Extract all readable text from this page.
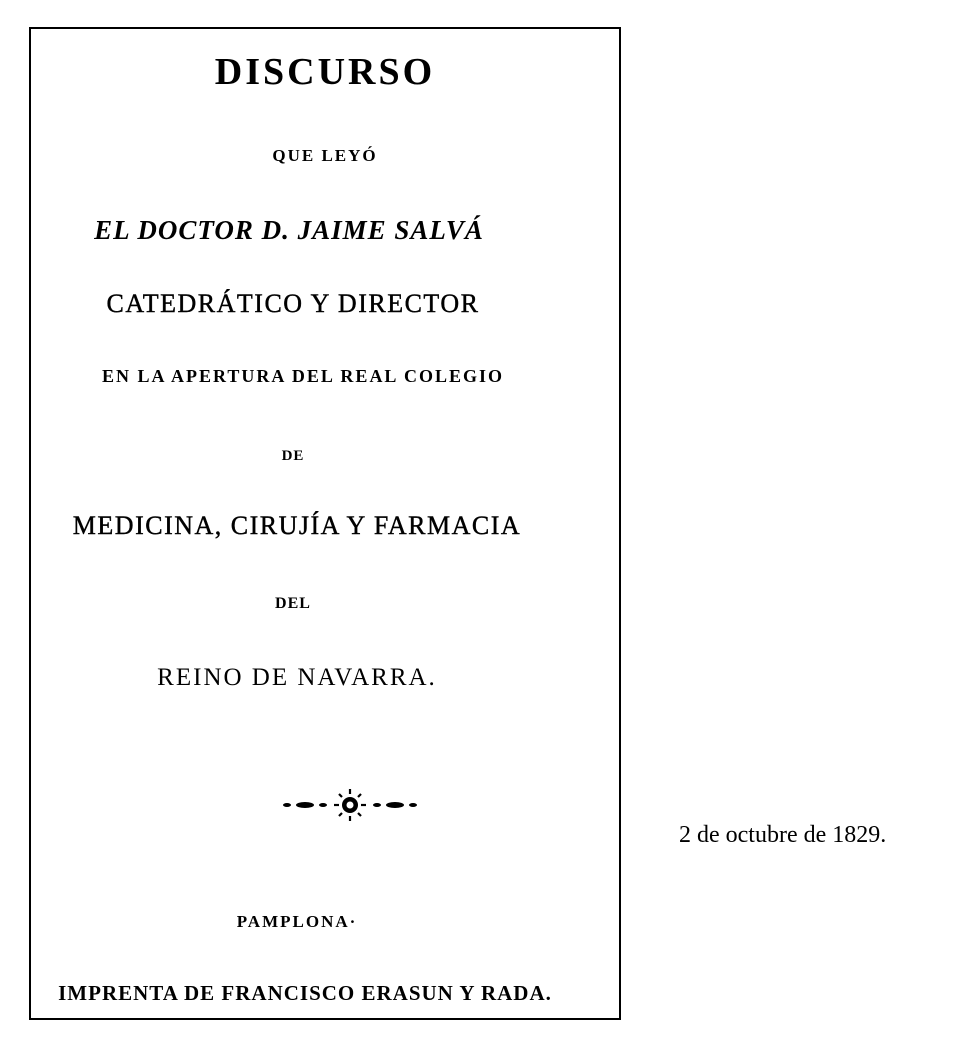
DISCURSO
QUE LEYÓ
EL DOCTOR D. JAIME SALVÁ
CATEDRÁTICO Y DIRECTOR
EN LA APERTURA DEL REAL COLEGIO
DE
MEDICINA, CIRUJÍA Y FARMACIA
DEL
REINO DE NAVARRA.
PAMPLONA·
IMPRENTA DE FRANCISCO ERASUN Y RADA.
2 de octubre de 1829.
